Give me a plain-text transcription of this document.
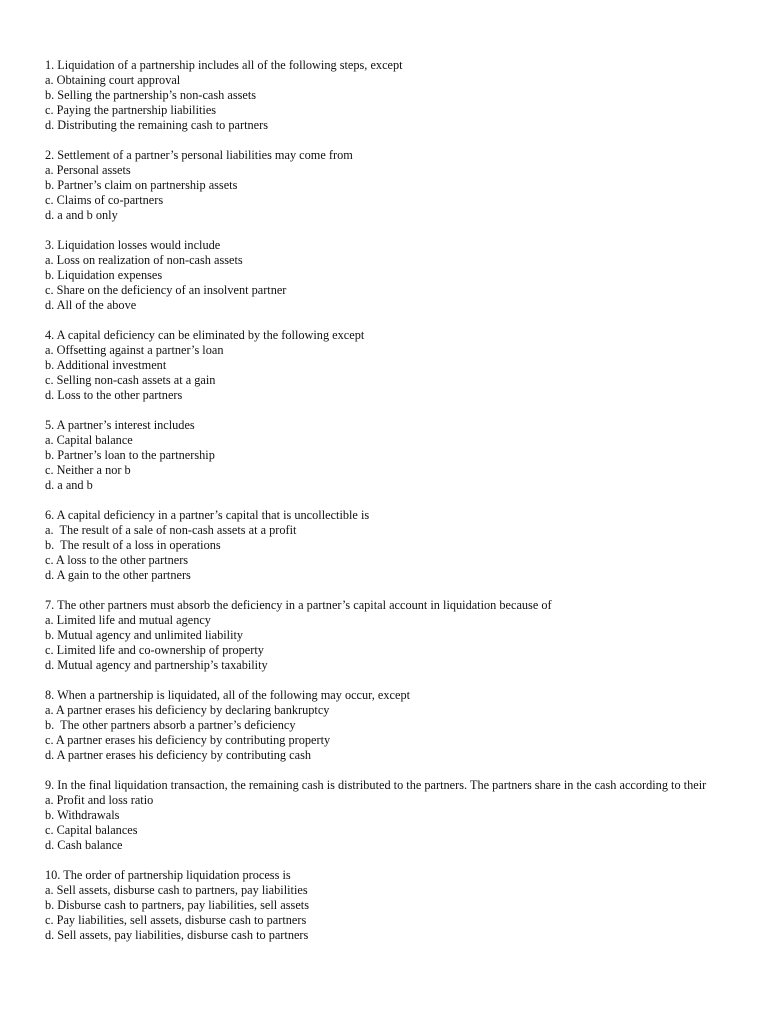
1. Liquidation of a partnership includes all of the following steps, except
a. Obtaining court approval
b. Selling the partnership’s non-cash assets
c. Paying the partnership liabilities
d. Distributing the remaining cash to partners
2. Settlement of a partner’s personal liabilities may come from
a. Personal assets
b. Partner’s claim on partnership assets
c. Claims of co-partners
d. a and b only
3. Liquidation losses would include
a. Loss on realization of non-cash assets
b. Liquidation expenses
c. Share on the deficiency of an insolvent partner
d. All of the above
4. A capital deficiency can be eliminated by the following except
a. Offsetting against a partner’s loan
b. Additional investment
c. Selling non-cash assets at a gain
d. Loss to the other partners
5. A partner’s interest includes
a. Capital balance
b. Partner’s loan to the partnership
c. Neither a nor b
d. a and b
6. A capital deficiency in a partner’s capital that is uncollectible is
a.  The result of a sale of non-cash assets at a profit
b.  The result of a loss in operations
c. A loss to the other partners
d. A gain to the other partners
7. The other partners must absorb the deficiency in a partner’s capital account in liquidation because of
a. Limited life and mutual agency
b. Mutual agency and unlimited liability
c. Limited life and co-ownership of property
d. Mutual agency and partnership’s taxability
8. When a partnership is liquidated, all of the following may occur, except
a. A partner erases his deficiency by declaring bankruptcy
b.  The other partners absorb a partner’s deficiency
c. A partner erases his deficiency by contributing property
d. A partner erases his deficiency by contributing cash
9. In the final liquidation transaction, the remaining cash is distributed to the partners. The partners share in the cash according to their
a. Profit and loss ratio
b. Withdrawals
c. Capital balances
d. Cash balance
10. The order of partnership liquidation process is
a. Sell assets, disburse cash to partners, pay liabilities
b. Disburse cash to partners, pay liabilities, sell assets
c. Pay liabilities, sell assets, disburse cash to partners
d. Sell assets, pay liabilities, disburse cash to partners
